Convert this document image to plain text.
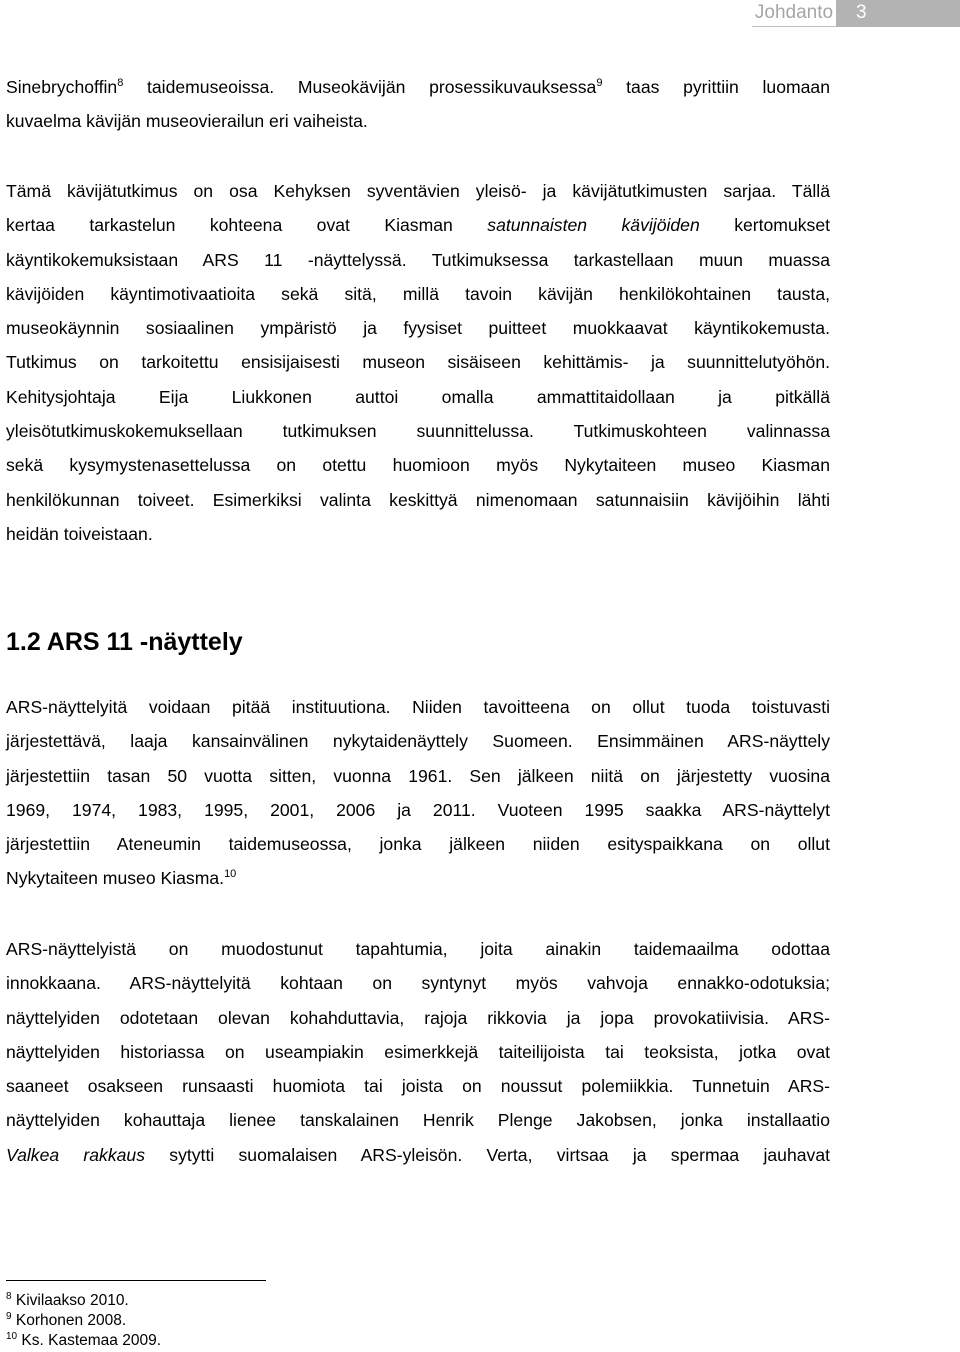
Johdanto	3
Sinebrychoffin$^8$ taidemuseoissa. Museokävijän prosessikuvauksessa$^9$ taas pyrittiin luomaan
kuvaelma kävijän museovierailun eri vaiheista.
Tämä kävijätutkimus on osa Kehyksen syventävien yleisö- ja kävijätutkimusten sarjaa. Tällä
kertaa tarkastelun kohteena ovat Kiasman satunnaisten kävijöiden kertomukset
käyntikokemuksistaan ARS 11 -näyttelyssä. Tutkimuksessa tarkastellaan muun muassa
kävijöiden käyntimotivaatioita sekä sitä, millä tavoin kävijän henkilökohtainen tausta,
museokäynnin sosiaalinen ympäristö ja fyysiset puitteet muokkaavat käyntikokemusta.
Tutkimus on tarkoitettu ensisijaisesti museon sisäiseen kehittämis- ja suunnittelutyöhön.
Kehitysjohtaja Eija Liukkonen auttoi omalla ammattitaidollaan ja pitkällä
yleisötutkimuskokemuksellaan tutkimuksen suunnittelussa. Tutkimuskohteen valinnassa
sekä kysymystenasettelussa on otettu huomioon myös Nykytaiteen museo Kiasman
henkilökunnan toiveet. Esimerkiksi valinta keskittyä nimenomaan satunnaisiin kävijöihin lähti
heidän toiveistaan.
1.2 ARS 11 -näyttely
ARS-näyttelyitä voidaan pitää instituutiona. Niiden tavoitteena on ollut tuoda toistuvasti
järjestettävä, laaja kansainvälinen nykytaidenäyttely Suomeen. Ensimmäinen ARS-näyttely
järjestettiin tasan 50 vuotta sitten, vuonna 1961. Sen jälkeen niitä on järjestetty vuosina
1969, 1974, 1983, 1995, 2001, 2006 ja 2011. Vuoteen 1995 saakka ARS-näyttelyt
järjestettiin Ateneumin taidemuseossa, jonka jälkeen niiden esityspaikkana on ollut
Nykytaiteen museo Kiasma.$^{10}$
ARS-näyttelyistä on muodostunut tapahtumia, joita ainakin taidemaailma odottaa
innokkaana. ARS-näyttelyitä kohtaan on syntynyt myös vahvoja ennakko-odotuksia;
näyttelyiden odotetaan olevan kohahduttavia, rajoja rikkovia ja jopa provokatiivisia. ARS-
näyttelyiden historiassa on useampiakin esimerkkejä taiteilijoista tai teoksista, jotka ovat
saaneet osakseen runsaasti huomiota tai joista on noussut polemiikkia. Tunnetuin ARS-
näyttelyiden kohauttaja lienee tanskalainen Henrik Plenge Jakobsen, jonka installaatio
Valkea rakkaus sytytti suomalaisen ARS-yleisön. Verta, virtsaa ja spermaa jauhavat
$^8$ Kivilaakso 2010.
$^9$ Korhonen 2008.
$^{10}$ Ks. Kastemaa 2009.
